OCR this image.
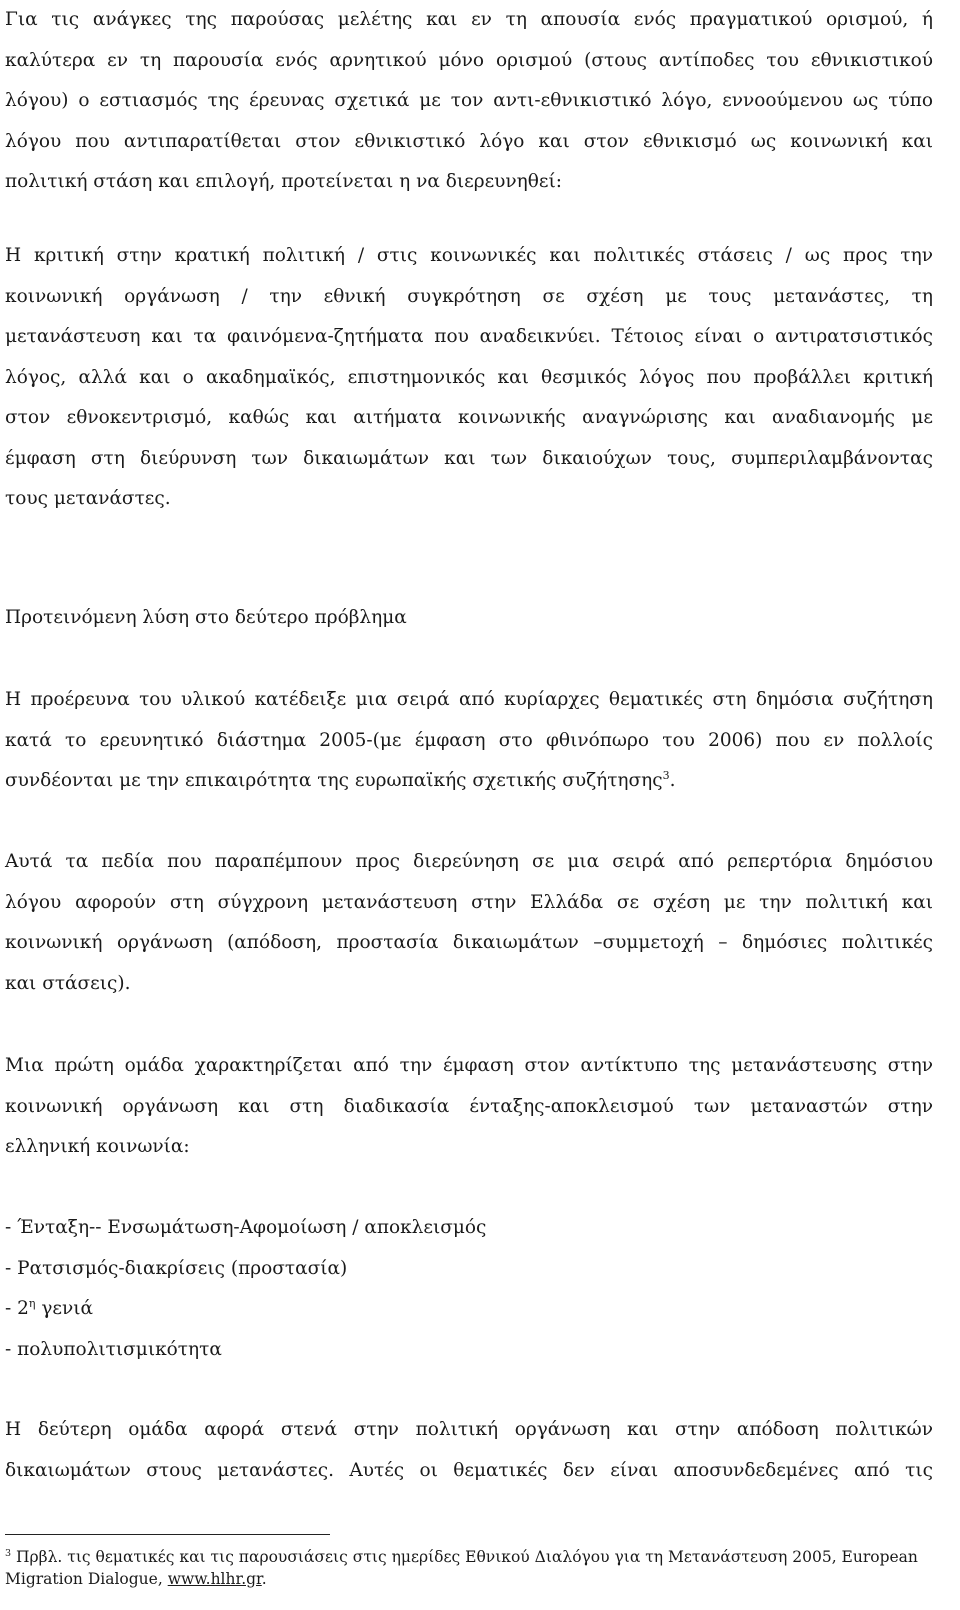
Για τις ανάγκες της παρούσας μελέτης και εν τη απουσία ενός πραγματικού ορισμού, ή
καλύτερα εν τη παρουσία ενός αρνητικού μόνο ορισμού (στους αντίποδες του εθνικιστικού
λόγου) ο εστιασμός της έρευνας σχετικά με τον αντι-εθνικιστικό λόγο, εννοούμενου ως τύπο
λόγου που αντιπαρατίθεται στον εθνικιστικό λόγο και στον εθνικισμό ως κοινωνική και
πολιτική στάση και επιλογή, προτείνεται η να διερευνηθεί:
Η κριτική στην κρατική πολιτική / στις κοινωνικές και πολιτικές στάσεις / ως προς την
κοινωνική οργάνωση / την εθνική συγκρότηση σε σχέση με τους μετανάστες, τη
μετανάστευση και τα φαινόμενα-ζητήματα που αναδεικνύει. Τέτοιος είναι ο αντιρατσιστικός
λόγος, αλλά και ο ακαδημαϊκός, επιστημονικός και θεσμικός λόγος που προβάλλει κριτική
στον εθνοκεντρισμό, καθώς και αιτήματα κοινωνικής αναγνώρισης και αναδιανομής με
έμφαση στη διεύρυνση των δικαιωμάτων και των δικαιούχων τους, συμπεριλαμβάνοντας
τους μετανάστες.
Προτεινόμενη λύση στο δεύτερο πρόβλημα
Η προέρευνα του υλικού κατέδειξε μια σειρά από κυρίαρχες θεματικές στη δημόσια συζήτηση
κατά το ερευνητικό διάστημα 2005-(με έμφαση στο φθινόπωρο του 2006) που εν πολλοίς
συνδέονται με την επικαιρότητα της ευρωπαϊκής σχετικής συζήτησης$^3$.
Αυτά τα πεδία που παραπέμπουν προς διερεύνηση σε μια σειρά από ρεπερτόρια δημόσιου
λόγου αφορούν στη σύγχρονη μετανάστευση στην Ελλάδα σε σχέση με την πολιτική και
κοινωνική οργάνωση (απόδοση, προστασία δικαιωμάτων –συμμετοχή – δημόσιες πολιτικές
και στάσεις).
Μια πρώτη ομάδα χαρακτηρίζεται από την έμφαση στον αντίκτυπο της μετανάστευσης στην
κοινωνική οργάνωση και στη διαδικασία ένταξης-αποκλεισμού των μεταναστών στην
ελληνική κοινωνία:
- Ένταξη-- Ενσωμάτωση-Αφομοίωση / αποκλεισμός
- Ρατσισμός-διακρίσεις (προστασία)
- $2^\eta$ γενιά
- πολυπολιτισμικότητα
Η δεύτερη ομάδα αφορά στενά στην πολιτική οργάνωση και στην απόδοση πολιτικών
δικαιωμάτων στους μετανάστες. Αυτές οι θεματικές δεν είναι αποσυνδεδεμένες από τις

$^3$ Πρβλ. τις θεματικές και τις παρουσιάσεις στις ημερίδες Εθνικού Διαλόγου για τη Μετανάστευση 2005, European Migration Dialogue, www.hlhr.gr.
